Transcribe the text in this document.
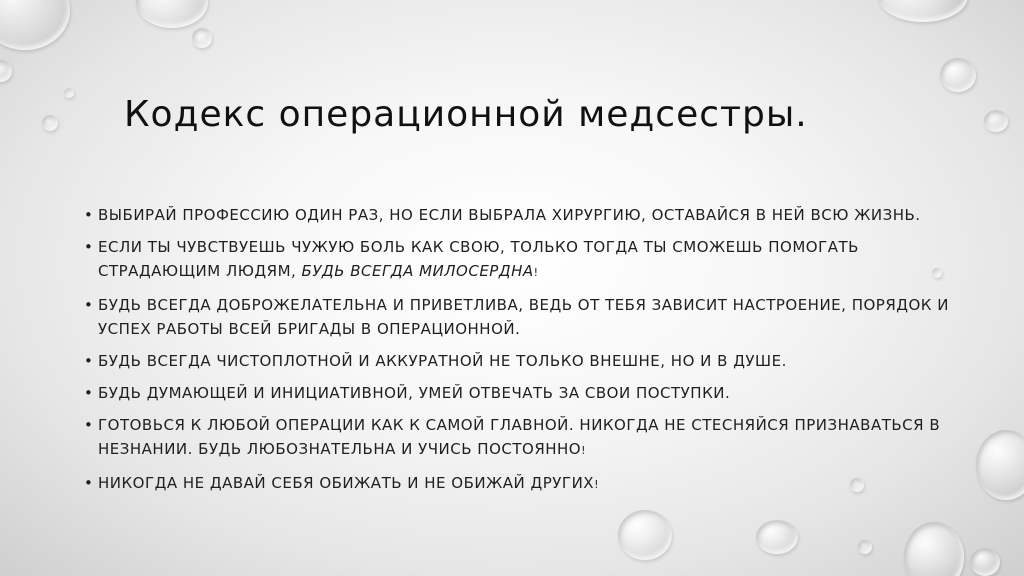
Кодекс операционной медсестры.
• ВЫБИРАЙ ПРОФЕССИЮ ОДИН РАЗ, НО ЕСЛИ ВЫБРАЛА ХИРУРГИЮ, ОСТАВАЙСЯ В НЕЙ ВСЮ ЖИЗНЬ.
• ЕСЛИ ТЫ ЧУВСТВУЕШЬ ЧУЖУЮ БОЛЬ КАК СВОЮ, ТОЛЬКО ТОГДА ТЫ СМОЖЕШЬ ПОМОГАТЬ СТРАДАЮЩИМ ЛЮДЯМ, БУДЬ ВСЕГДА МИЛОСЕРДНА!
• БУДЬ ВСЕГДА ДОБРОЖЕЛАТЕЛЬНА И ПРИВЕТЛИВА, ВЕДЬ ОТ ТЕБЯ ЗАВИСИТ НАСТРОЕНИЕ, ПОРЯДОК И УСПЕХ РАБОТЫ ВСЕЙ БРИГАДЫ В ОПЕРАЦИОННОЙ.
• БУДЬ ВСЕГДА ЧИСТОПЛОТНОЙ И АККУРАТНОЙ НЕ ТОЛЬКО ВНЕШНЕ, НО И В ДУШЕ.
• БУДЬ ДУМАЮЩЕЙ И ИНИЦИАТИВНОЙ, УМЕЙ ОТВЕЧАТЬ ЗА СВОИ ПОСТУПКИ.
• ГОТОВЬСЯ К ЛЮБОЙ ОПЕРАЦИИ КАК К САМОЙ ГЛАВНОЙ. НИКОГДА НЕ СТЕСНЯЙСЯ ПРИЗНАВАТЬСЯ В НЕЗНАНИИ. БУДЬ ЛЮБОЗНАТЕЛЬНА И УЧИСЬ ПОСТОЯННО!
• НИКОГДА НЕ ДАВАЙ СЕБЯ ОБИЖАТЬ И НЕ ОБИЖАЙ ДРУГИХ!
